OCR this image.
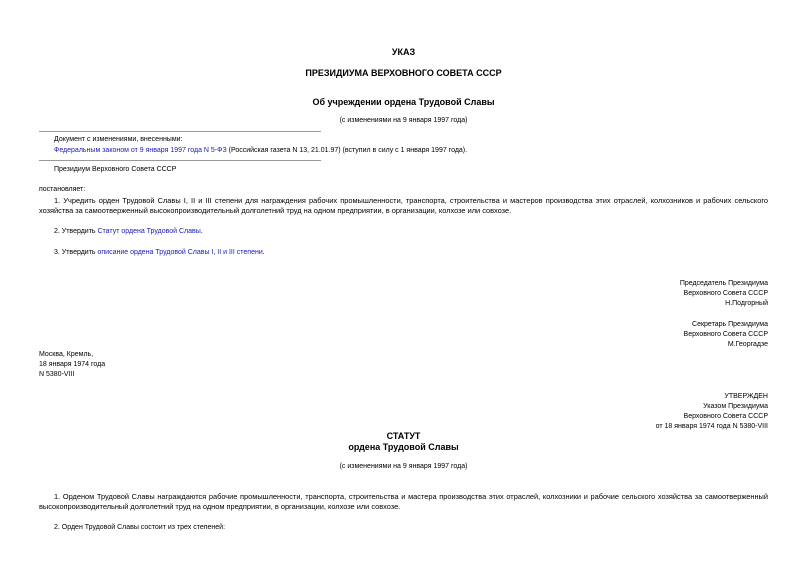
УКАЗ
ПРЕЗИДИУМА ВЕРХОВНОГО СОВЕТА СССР
Об учреждении ордена Трудовой Славы
(с изменениями на 9 января 1997 года)
Документ с изменениями, внесенными:
Федеральным законом от 9 января 1997 года N 5-ФЗ (Российская газета N 13, 21.01.97) (вступил в силу с 1 января 1997 года).
Президиум Верховного Совета СССР
постановляет:
1. Учредить орден Трудовой Славы I, II и III степени для награждения рабочих промышленности, транспорта, строительства и мастеров производства этих отраслей, колхозников и рабочих сельского хозяйства за самоотверженный высокопроизводительный долголетний труд на одном предприятии, в организации, колхозе или совхозе.
2. Утвердить Статут ордена Трудовой Славы.
3. Утвердить описание ордена Трудовой Славы I, II и III степени.
Председатель Президиума
Верховного Совета СССР
Н.Подгорный
Секретарь Президиума
Верховного Совета СССР
М.Георгадзе
Москва, Кремль,
18 января 1974 года
N 5380-VIII
УТВЕРЖДЕН
Указом Президиума
Верховного Совета СССР
от 18 января 1974 года N 5380-VIII
СТАТУТ
ордена Трудовой Славы
(с изменениями на 9 января 1997 года)
1. Орденом Трудовой Славы награждаются рабочие промышленности, транспорта, строительства и мастера производства этих отраслей, колхозники и рабочие сельского хозяйства за самоотверженный высокопроизводительный долголетний труд на одном предприятии, в организации, колхозе или совхозе.
2. Орден Трудовой Славы состоит из трех степеней:
